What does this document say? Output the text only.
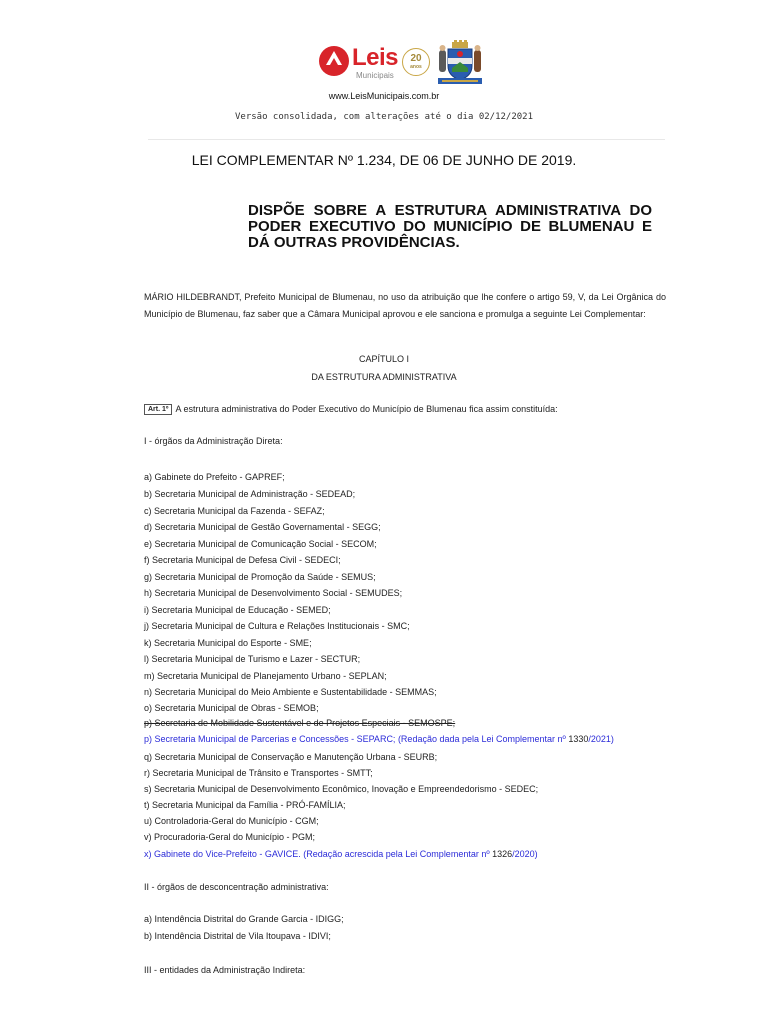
Leis
Municipais
20
anos
www.LeisMunicipais.com.br
Versão consolidada, com alterações até o dia 02/12/2021
LEI COMPLEMENTAR Nº 1.234, DE 06 DE JUNHO DE 2019.
DISPÕE SOBRE A ESTRUTURA ADMINISTRATIVA DO PODER EXECUTIVO DO MUNICÍPIO DE BLUMENAU E DÁ OUTRAS PROVIDÊNCIAS.
MÁRIO HILDEBRANDT, Prefeito Municipal de Blumenau, no uso da atribuição que lhe confere o artigo 59, V, da Lei Orgânica do Município de Blumenau, faz saber que a Câmara Municipal aprovou e ele sanciona e promulga a seguinte Lei Complementar:
CAPÍTULO I
DA ESTRUTURA ADMINISTRATIVA
Art. 1º A estrutura administrativa do Poder Executivo do Município de Blumenau fica assim constituída:
I - órgãos da Administração Direta:
a) Gabinete do Prefeito - GAPREF;
b) Secretaria Municipal de Administração - SEDEAD;
c) Secretaria Municipal da Fazenda - SEFAZ;
d) Secretaria Municipal de Gestão Governamental - SEGG;
e) Secretaria Municipal de Comunicação Social - SECOM;
f) Secretaria Municipal de Defesa Civil - SEDECI;
g) Secretaria Municipal de Promoção da Saúde - SEMUS;
h) Secretaria Municipal de Desenvolvimento Social - SEMUDES;
i) Secretaria Municipal de Educação - SEMED;
j) Secretaria Municipal de Cultura e Relações Institucionais - SMC;
k) Secretaria Municipal do Esporte - SME;
l) Secretaria Municipal de Turismo e Lazer - SECTUR;
m) Secretaria Municipal de Planejamento Urbano - SEPLAN;
n) Secretaria Municipal do Meio Ambiente e Sustentabilidade - SEMMAS;
o) Secretaria Municipal de Obras - SEMOB;
p) Secretaria de Mobilidade Sustentável e de Projetos Especiais - SEMOSPE;
p) Secretaria Municipal de Parcerias e Concessões - SEPARC; (Redação dada pela Lei Complementar nº 1330/2021)
q) Secretaria Municipal de Conservação e Manutenção Urbana - SEURB;
r) Secretaria Municipal de Trânsito e Transportes - SMTT;
s) Secretaria Municipal de Desenvolvimento Econômico, Inovação e Empreendedorismo - SEDEC;
t) Secretaria Municipal da Família - PRÓ-FAMÍLIA;
u) Controladoria-Geral do Município - CGM;
v) Procuradoria-Geral do Município - PGM;
x) Gabinete do Vice-Prefeito - GAVICE. (Redação acrescida pela Lei Complementar nº 1326/2020)
II - órgãos de desconcentração administrativa:
a) Intendência Distrital do Grande Garcia - IDIGG;
b) Intendência Distrital de Vila Itoupava - IDIVI;
III - entidades da Administração Indireta:
